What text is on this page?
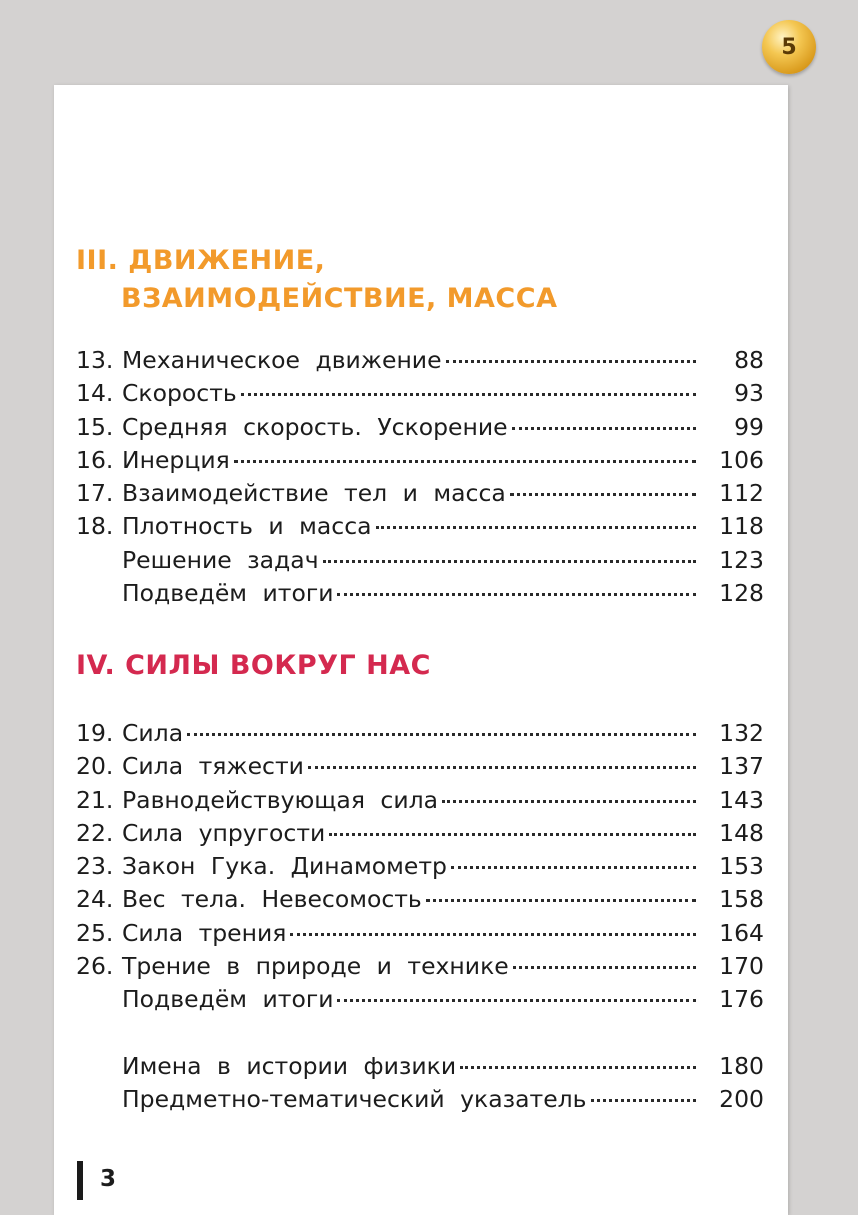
5
III. ДВИЖЕНИЕ,
ВЗАИМОДЕЙСТВИЕ, МАССА
13. Механическое движение	88
14. Скорость	93
15. Средняя скорость. Ускорение	99
16. Инерция	106
17. Взаимодействие тел и масса	112
18. Плотность и масса	118
Решение задач	123
Подведём итоги	128
IV. СИЛЫ ВОКРУГ НАС
19. Сила	132
20. Сила тяжести	137
21. Равнодействующая сила	143
22. Сила упругости	148
23. Закон Гука. Динамометр	153
24. Вес тела. Невесомость	158
25. Сила трения	164
26. Трение в природе и технике	170
Подведём итоги	176
Имена в истории физики	180
Предметно-тематический указатель	200
3
